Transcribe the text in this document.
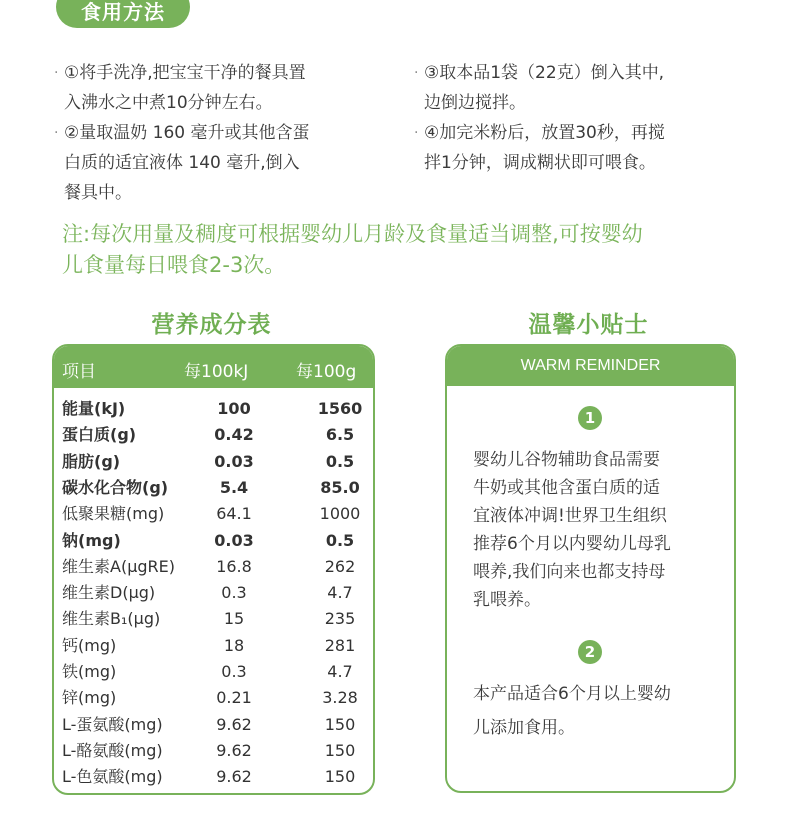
食用方法
· ①将手洗净,把宝宝干净的餐具置
入沸水之中煮10分钟左右。
· ②量取温奶 160 毫升或其他含蛋
白质的适宜液体 140 毫升,倒入
餐具中。
· ③取本品1袋（22克）倒入其中,
边倒边搅拌。
· ④加完米粉后，放置30秒，再搅
拌1分钟，调成糊状即可喂食。
注:每次用量及稠度可根据婴幼儿月龄及食量适当调整,可按婴幼
儿食量每日喂食2-3次。
营养成分表	温馨小贴士
项目	每100kJ	每100g
能量(kJ)	100	1560
蛋白质(g)	0.42	6.5
脂肪(g)	0.03	0.5
碳水化合物(g)	5.4	85.0
低聚果糖(mg)	64.1	1000
钠(mg)	0.03	0.5
维生素A(μgRE)	16.8	262
维生素D(μg)	0.3	4.7
维生素B₁(μg)	15	235
钙(mg)	18	281
铁(mg)	0.3	4.7
锌(mg)	0.21	3.28
L-蛋氨酸(mg)	9.62	150
L-酪氨酸(mg)	9.62	150
L-色氨酸(mg)	9.62	150
WARM REMINDER
1
婴幼儿谷物辅助食品需要
牛奶或其他含蛋白质的适
宜液体冲调!世界卫生组织
推荐6个月以内婴幼儿母乳
喂养,我们向来也都支持母
乳喂养。
2
本产品适合6个月以上婴幼
儿添加食用。
